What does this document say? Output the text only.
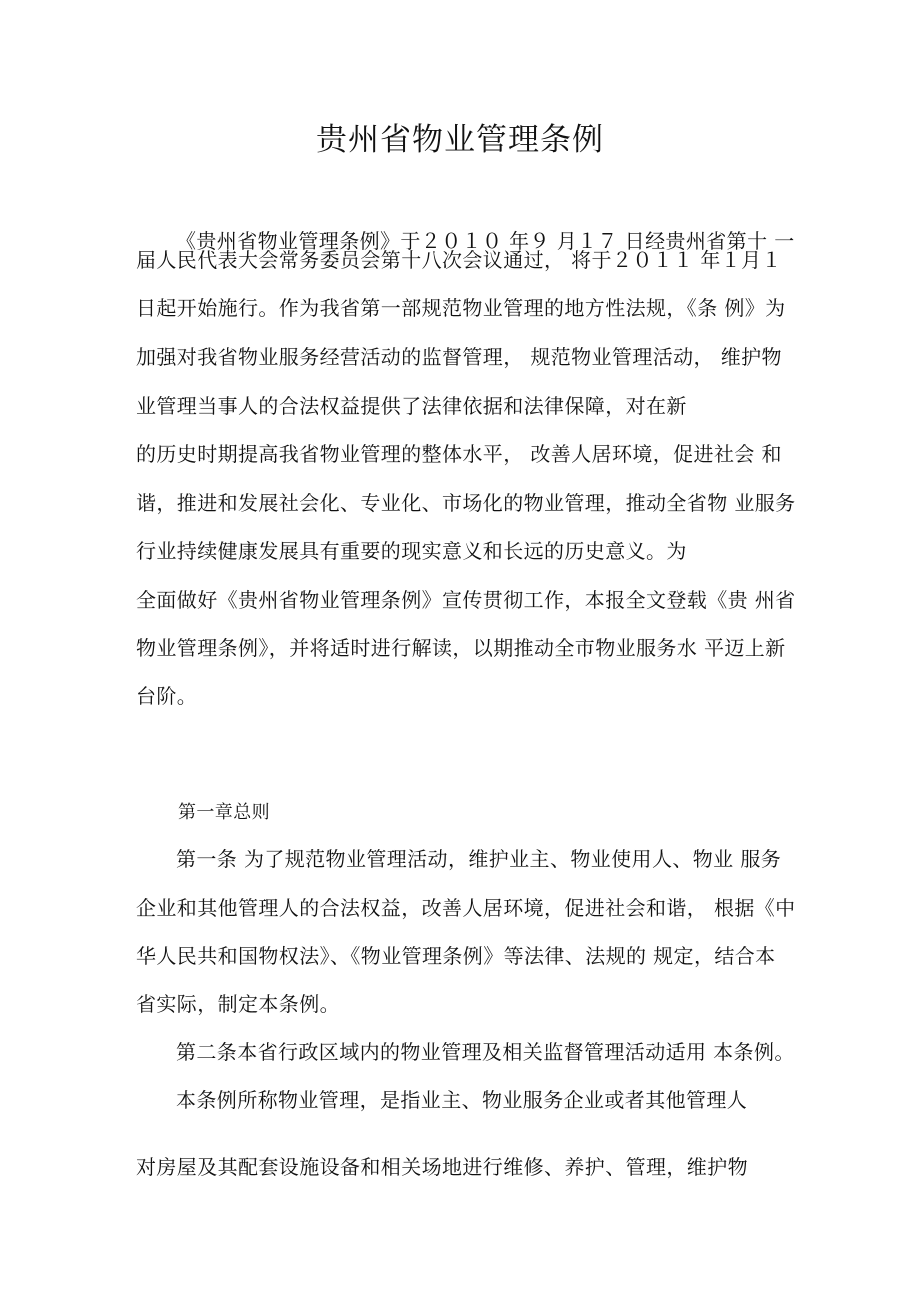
贵州省物业管理条例
《贵州省物业管理条例》于２０１０ 年９ 月１７ 日经贵州省第十 一
届人民代表大会常务委员会第十八次会议通过， 将于２０１１ 年１月１
日起开始施行。作为我省第一部规范物业管理的地方性法规，《条 例》为
加强对我省物业服务经营活动的监督管理， 规范物业管理活动， 维护物
业管理当事人的合法权益提供了法律依据和法律保障，对在新
的历史时期提高我省物业管理的整体水平， 改善人居环境，促进社会 和
谐，推进和发展社会化、专业化、市场化的物业管理，推动全省物 业服务
行业持续健康发展具有重要的现实意义和长远的历史意义。为
全面做好《贵州省物业管理条例》宣传贯彻工作，本报全文登载《贵 州省
物业管理条例》，并将适时进行解读，以期推动全市物业服务水 平迈上新
台阶。
第一章总则
第一条 为了规范物业管理活动，维护业主、物业使用人、物业 服务
企业和其他管理人的合法权益，改善人居环境，促进社会和谐， 根据《中
华人民共和国物权法》、《物业管理条例》等法律、法规的 规定，结合本
省实际，制定本条例。
第二条本省行政区域内的物业管理及相关监督管理活动适用 本条例。
本条例所称物业管理，是指业主、物业服务企业或者其他管理人
对房屋及其配套设施设备和相关场地进行维修、养护、管理，维护物
